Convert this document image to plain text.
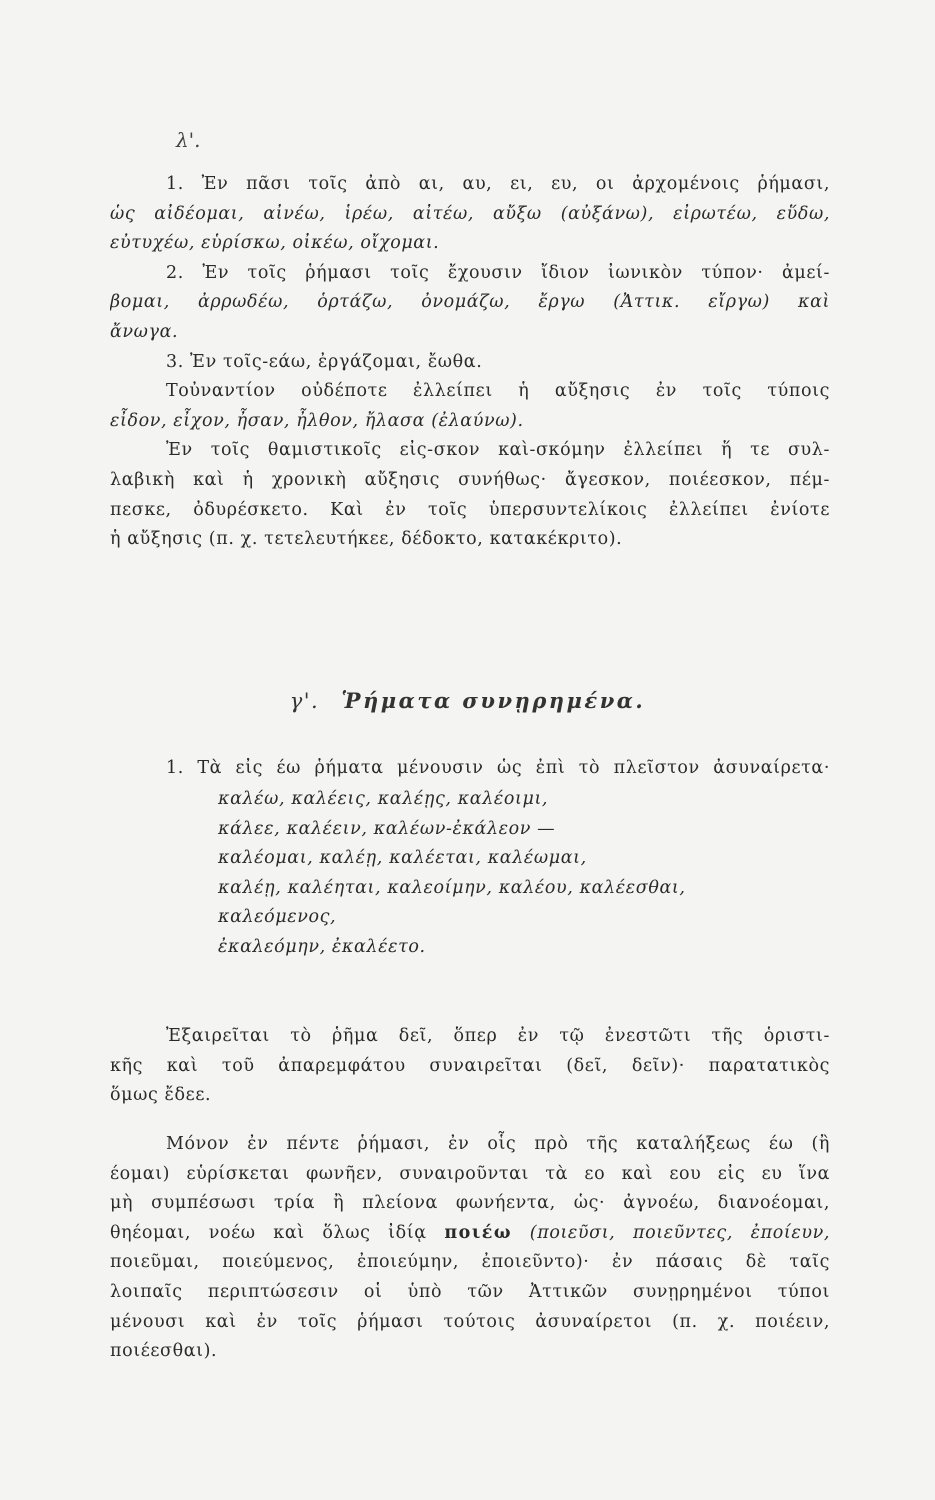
λ'.
1. Ἐν πᾶσι τοῖς ἀπὸ αι, αυ, ει, ευ, οι ἀρχομένοις ῥήμασι,
ὡς αἰδέομαι, αἰνέω, ἱρέω, αἰτέω, αὔξω (αὐξάνω), εἰρωτέω, εὕδω,
εὐτυχέω, εὑρίσκω, οἰκέω, οἴχομαι.
2. Ἐν τοῖς ῥήμασι τοῖς ἔχουσιν ἴδιον ἰωνικὸν τύπον· ἀμεί-
βομαι, ἀρρωδέω, ὁρτάζω, ὀνομάζω, ἔργω (Ἀττικ. εἴργω) καὶ
ἄνωγα.
3. Ἐν τοῖς-εάω, ἐργάζομαι, ἔωθα.
Τοὐναντίον οὐδέποτε ἐλλείπει ἡ αὔξησις ἐν τοῖς τύποις
εἶδον, εἶχον, ἦσαν, ἦλθον, ἤλασα (ἐλαύνω).
Ἐν τοῖς θαμιστικοῖς εἰς-σκον καὶ-σκόμην ἐλλείπει ἥ τε συλ-
λαβικὴ καὶ ἡ χρονικὴ αὔξησις συνήθως· ἄγεσκον, ποιέεσκον, πέμ-
πεσκε, ὀδυρέσκετο. Καὶ ἐν τοῖς ὑπερσυντελίκοις ἐλλείπει ἐνίοτε
ἡ αὔξησις (π. χ. τετελευτήκεε, δέδοκτο, κατακέκριτο).
γ'. Ῥήματα συνῃρημένα.
1. Τὰ εἰς έω ῥήματα μένουσιν ὡς ἐπὶ τὸ πλεῖστον ἀσυναίρετα·
καλέω, καλέεις, καλέῃς, καλέοιμι,
κάλεε, καλέειν, καλέων-ἐκάλεον —
καλέομαι, καλέῃ, καλέεται, καλέωμαι,
καλέῃ, καλέηται, καλεοίμην, καλέου, καλέεσθαι,
καλεόμενος,
ἐκαλεόμην, ἐκαλέετο.
Ἐξαιρεῖται τὸ ῥῆμα δεῖ, ὅπερ ἐν τῷ ἐνεστῶτι τῆς ὁριστι-
κῆς καὶ τοῦ ἀπαρεμφάτου συναιρεῖται (δεῖ, δεῖν)· παρατατικὸς
ὅμως ἔδεε.
Μόνον ἐν πέντε ῥήμασι, ἐν οἷς πρὸ τῆς καταλήξεως έω (ἢ
έομαι) εὑρίσκεται φωνῆεν, συναιροῦνται τὰ εο καὶ εου εἰς ευ ἵνα
μὴ συμπέσωσι τρία ἢ πλείονα φωνήεντα, ὡς· ἀγνοέω, διανοέομαι,
θηέομαι, νοέω καὶ ὅλως ἰδίᾳ ποιέω (ποιεῦσι, ποιεῦντες, ἐποίευν,
ποιεῦμαι, ποιεύμενος, ἐποιεύμην, ἐποιεῦντο)· ἐν πάσαις δὲ ταῖς
λοιπαῖς περιπτώσεσιν οἱ ὑπὸ τῶν Ἀττικῶν συνῃρημένοι τύποι
μένουσι καὶ ἐν τοῖς ῥήμασι τούτοις ἀσυναίρετοι (π. χ. ποιέειν,
ποιέεσθαι).
